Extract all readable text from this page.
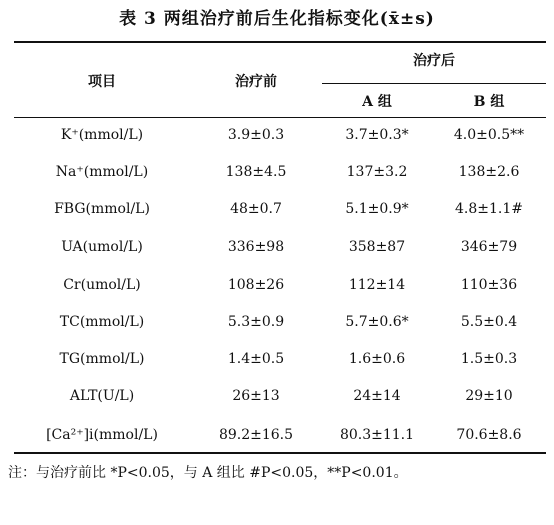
表 3 两组治疗前后生化指标变化(x̄±s)
项目	治疗前
治疗后
A 组	B 组
K⁺(mmol/L)	3.9±0.3	3.7±0.3*	4.0±0.5**
Na⁺(mmol/L)	138±4.5	137±3.2	138±2.6
FBG(mmol/L)	48±0.7	5.1±0.9*	4.8±1.1#
UA(umol/L)	336±98	358±87	346±79
Cr(umol/L)	108±26	112±14	110±36
TC(mmol/L)	5.3±0.9	5.7±0.6*	5.5±0.4
TG(mmol/L)	1.4±0.5	1.6±0.6	1.5±0.3
ALT(U/L)	26±13	24±14	29±10
[Ca²⁺]i(mmol/L)	89.2±16.5	80.3±11.1	70.6±8.6
注：与治疗前比 *P<0.05，与 A 组比 #P<0.05，**P<0.01。
